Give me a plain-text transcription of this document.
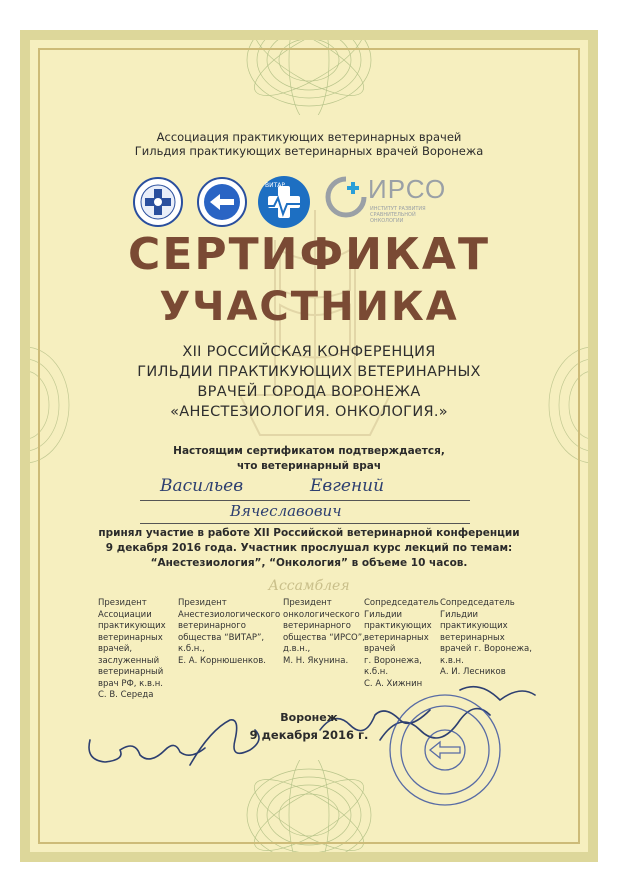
Ассоциация практикующих ветеринарных врачей
Гильдия практикующих ветеринарных врачей Воронежа
ВИТАР	ИРСО
ИНСТИТУТ РАЗВИТИЯ СРАВНИТЕЛЬНОЙ ОНКОЛОГИИ
СЕРТИФИКАТ
УЧАСТНИКА
XII РОССИЙСКАЯ КОНФЕРЕНЦИЯ
ГИЛЬДИИ ПРАКТИКУЮЩИХ ВЕТЕРИНАРНЫХ
ВРАЧЕЙ ГОРОДА ВОРОНЕЖА
«АНЕСТЕЗИОЛОГИЯ. ОНКОЛОГИЯ.»
Настоящим сертификатом подтверждается,
что ветеринарный врач
Васильев	Евгений
Вячеславович
принял участие в работе XII Российской ветеринарной конференции
9 декабря 2016 года. Участник прослушал курс лекций по темам:
“Анестезиология”, “Онкология” в объеме 10 часов.
Ассамблея
Президент
Ассоциации
практикующих
ветеринарных
врачей,
заслуженный
ветеринарный
врач РФ, к.в.н.
С. В. Середа
Президент
Анестезиологического
ветеринарного
общества “ВИТАР”,
к.б.н.,
Е. А. Корнюшенков.
Президент
онкологического
ветеринарного
общества “ИРСО”,
д.в.н.,
М. Н. Якунина.
Сопредседатель
Гильдии
практикующих
ветеринарных
врачей
г. Воронежа,
к.б.н.
С. А. Хижнин
Сопредседатель
Гильдии
практикующих
ветеринарных
врачей г. Воронежа,
к.в.н.
А. И. Лесников
Воронеж
9 декабря 2016 г.
